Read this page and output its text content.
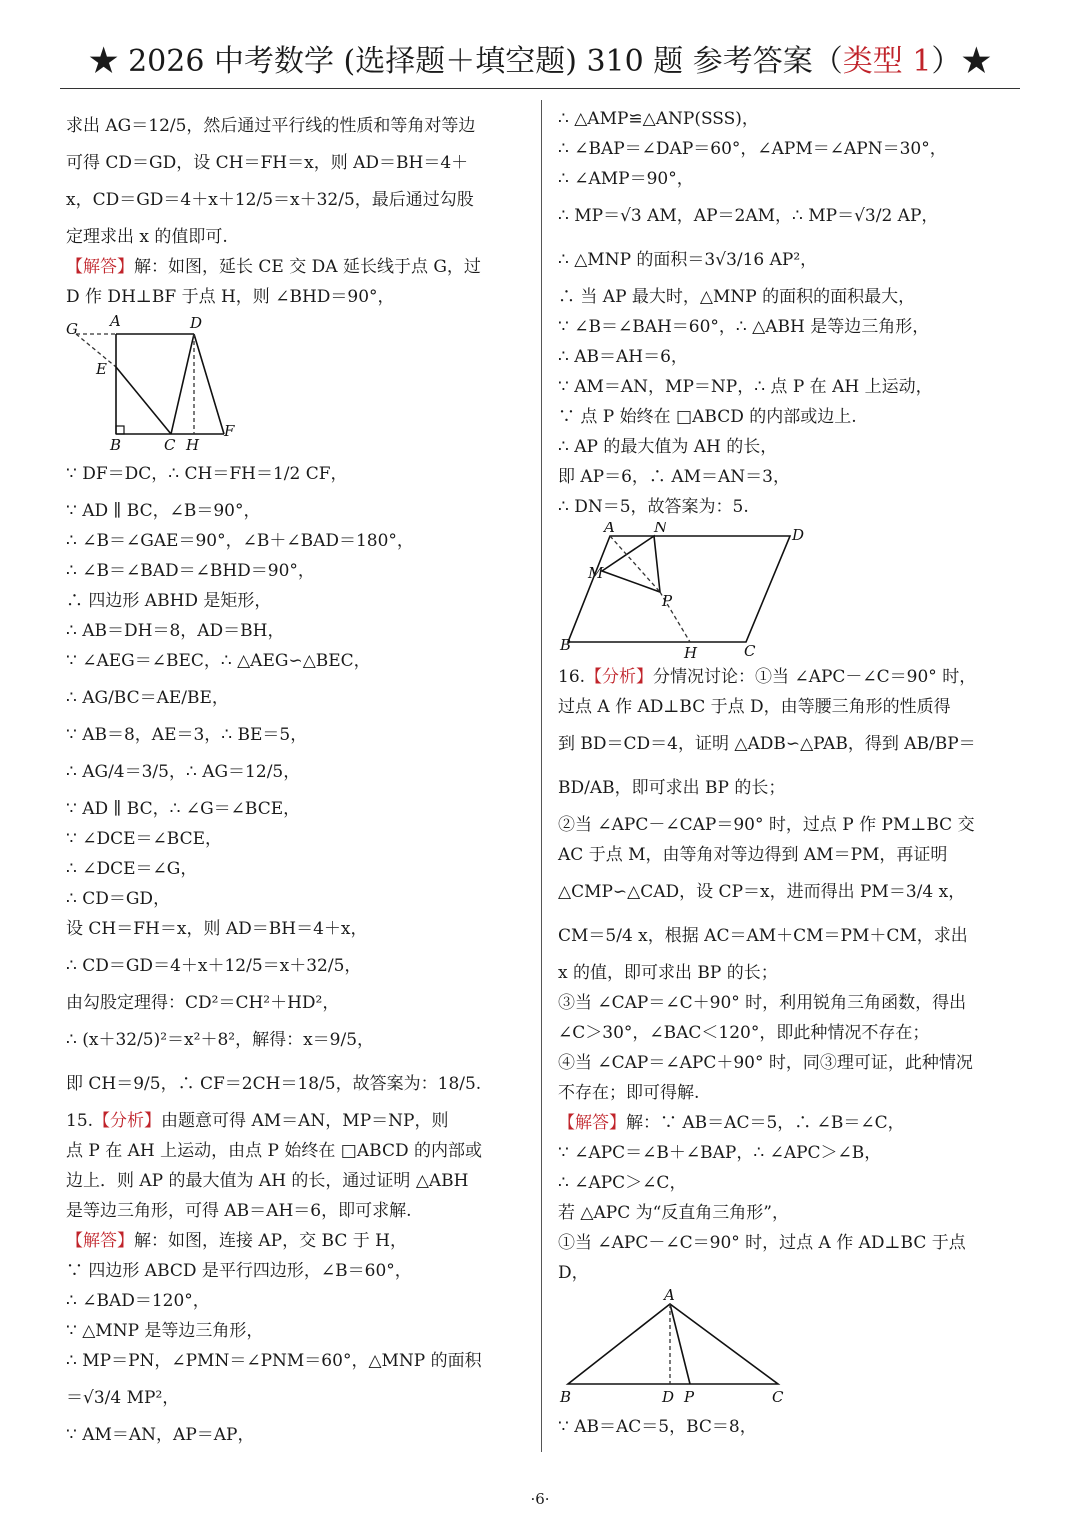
★ 2026 中考数学 (选择题＋填空题) 310 题 参考答案（类型 1）★
求出 AG＝12/5，然后通过平行线的性质和等角对等边
可得 CD＝GD，设 CH＝FH＝x，则 AD＝BH＝4＋
x，CD＝GD＝4＋x＋12/5＝x＋32/5，最后通过勾股
定理求出 x 的值即可.
【解答】解：如图，延长 CE 交 DA 延长线于点 G，过
D 作 DH⊥BF 于点 H，则 ∠BHD＝90°，
G A	D
E
B	C H
F
∵ DF＝DC，∴ CH＝FH＝1/2 CF，
∵ AD ∥ BC，∠B＝90°，
∴ ∠B＝∠GAE＝90°，∠B＋∠BAD＝180°，
∴ ∠B＝∠BAD＝∠BHD＝90°，
∴ 四边形 ABHD 是矩形，
∴ AB＝DH＝8，AD＝BH，
∵ ∠AEG＝∠BEC，∴ △AEG∽△BEC，
∴ AG/BC＝AE/BE，
∵ AB＝8，AE＝3，∴ BE＝5，
∴ AG/4＝3/5，∴ AG＝12/5，
∵ AD ∥ BC，∴ ∠G＝∠BCE，
∵ ∠DCE＝∠BCE，
∴ ∠DCE＝∠G，
∴ CD＝GD，
设 CH＝FH＝x，则 AD＝BH＝4＋x，
∴ CD＝GD＝4＋x＋12/5＝x＋32/5，
由勾股定理得：CD²＝CH²＋HD²，
∴ (x＋32/5)²＝x²＋8²，解得：x＝9/5，
即 CH＝9/5，∴ CF＝2CH＝18/5，故答案为：18/5.
15.【分析】由题意可得 AM＝AN，MP＝NP，则
点 P 在 AH 上运动，由点 P 始终在 □ABCD 的内部或
边上．则 AP 的最大值为 AH 的长，通过证明 △ABH
是等边三角形，可得 AB＝AH＝6，即可求解.
【解答】解：如图，连接 AP，交 BC 于 H，
∵ 四边形 ABCD 是平行四边形，∠B＝60°，
∴ ∠BAD＝120°，
∵ △MNP 是等边三角形，
∴ MP＝PN，∠PMN＝∠PNM＝60°，△MNP 的面积
＝√3/4 MP²，
∵ AM＝AN，AP＝AP，
∴ △AMP≌△ANP(SSS)，
∴ ∠BAP＝∠DAP＝60°，∠APM＝∠APN＝30°，
∴ ∠AMP＝90°，
∴ MP＝√3 AM，AP＝2AM，∴ MP＝√3/2 AP，
∴ △MNP 的面积＝3√3/16 AP²，
∴ 当 AP 最大时，△MNP 的面积的面积最大，
∵ ∠B＝∠BAH＝60°，∴ △ABH 是等边三角形，
∴ AB＝AH＝6，
∵ AM＝AN，MP＝NP，∴ 点 P 在 AH 上运动，
∵ 点 P 始终在 □ABCD 的内部或边上.
∴ AP 的最大值为 AH 的长，
即 AP＝6，∴ AM＝AN＝3，
∴ DN＝5，故答案为：5.
A	N	D
M
P
B	H	C
16.【分析】分情况讨论：①当 ∠APC－∠C＝90° 时，
过点 A 作 AD⊥BC 于点 D，由等腰三角形的性质得
到 BD＝CD＝4，证明 △ADB∽△PAB，得到 AB/BP＝
BD/AB，即可求出 BP 的长；
②当 ∠APC－∠CAP＝90° 时，过点 P 作 PM⊥BC 交
AC 于点 M，由等角对等边得到 AM＝PM，再证明
△CMP∽△CAD，设 CP＝x，进而得出 PM＝3/4 x，
CM＝5/4 x，根据 AC＝AM＋CM＝PM＋CM，求出
x 的值，即可求出 BP 的长；
③当 ∠CAP＝∠C＋90° 时，利用锐角三角函数，得出
∠C＞30°，∠BAC＜120°，即此种情况不存在；
④当 ∠CAP＝∠APC＋90° 时，同③理可证，此种情况
不存在；即可得解.
【解答】解：∵ AB＝AC＝5，∴ ∠B＝∠C，
∵ ∠APC＝∠B＋∠BAP，∴ ∠APC＞∠B，
∴ ∠APC＞∠C，
若 △APC 为“反直角三角形”，
①当 ∠APC－∠C＝90° 时，过点 A 作 AD⊥BC 于点
D，
A
B	D P	C
∵ AB＝AC＝5，BC＝8，
·6·
